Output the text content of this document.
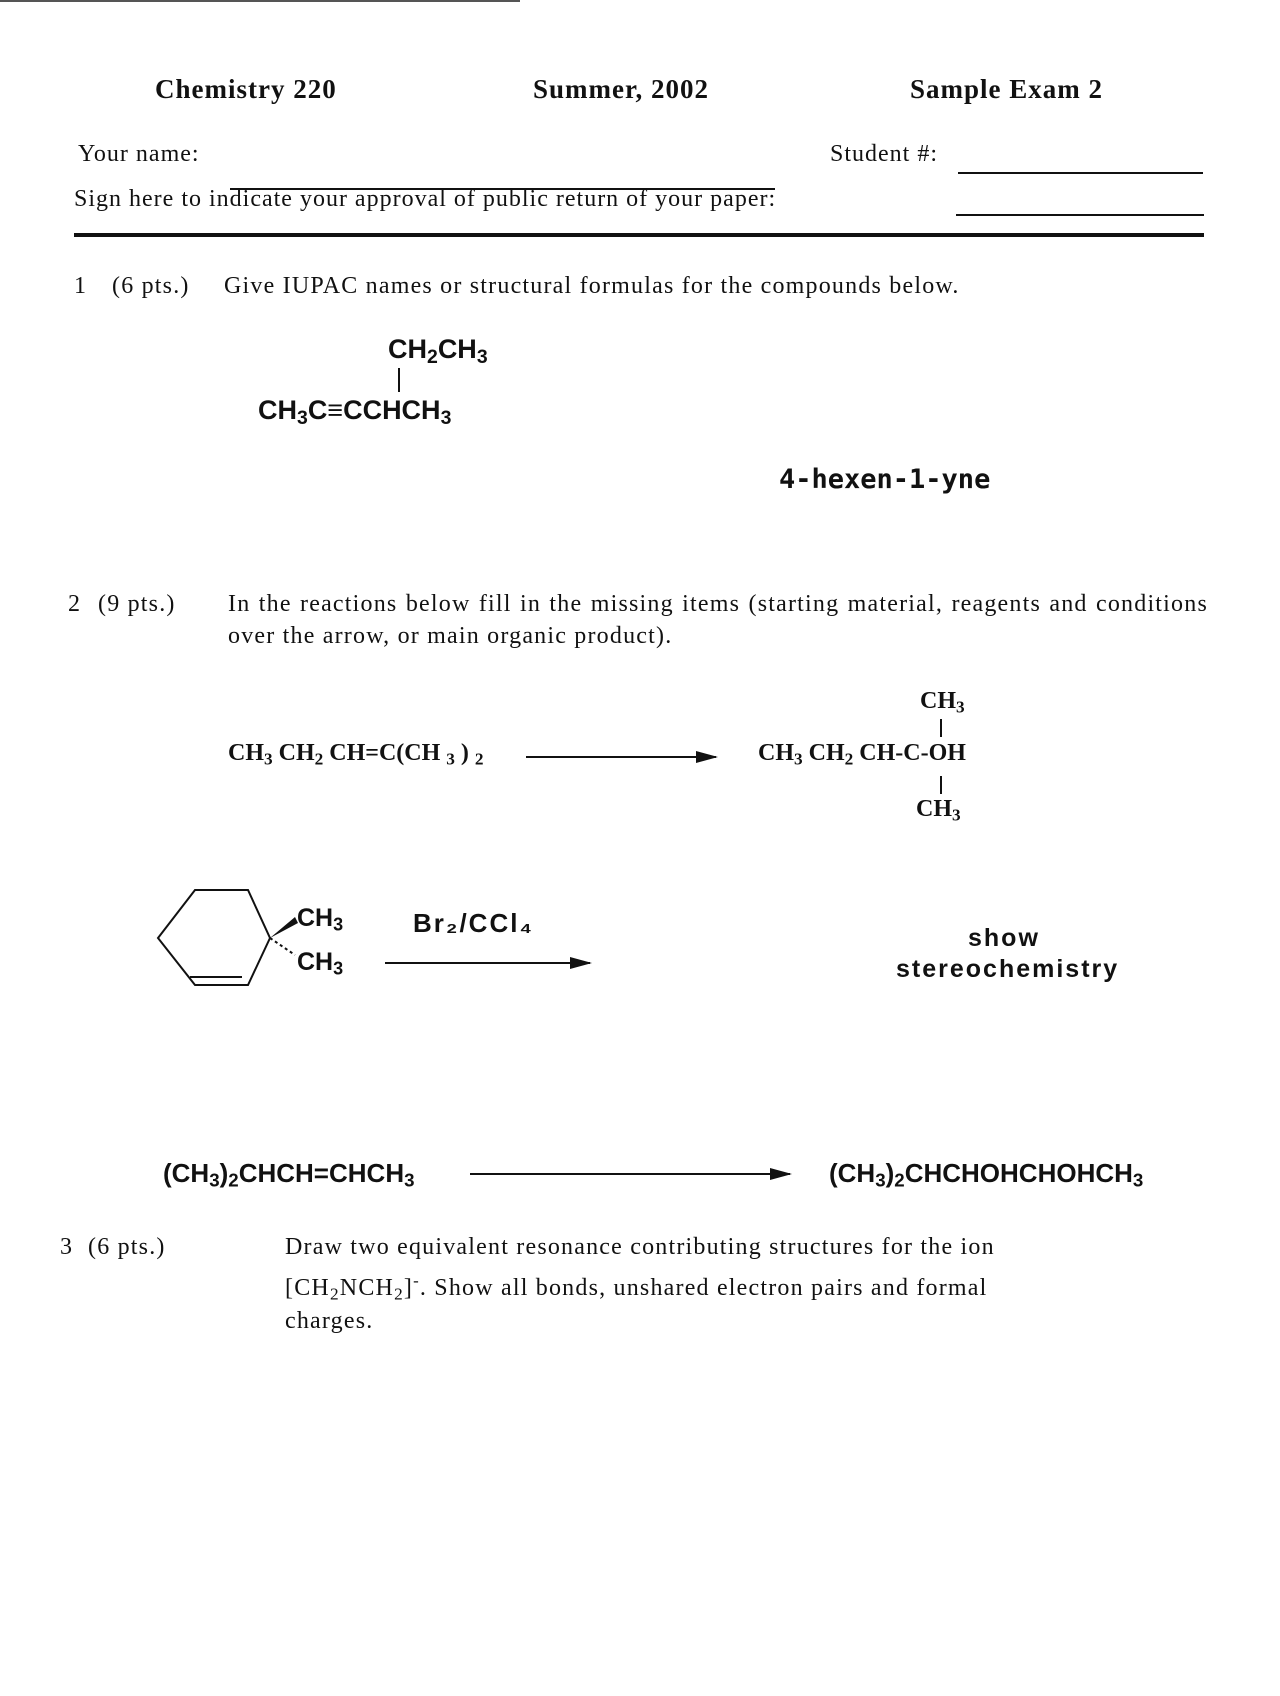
Chemistry 220	Summer, 2002	Sample Exam 2
Your name:	Student #:
Sign here to indicate your approval of public return of your paper:
1 (6 pts.) Give IUPAC names or structural formulas for the compounds below.
$CH_2CH_3$
$CH_3C\equiv CCHCH_3$
4-hexen-1-yne
2 (9 pts.) In the reactions below fill in the missing items (starting material, reagents and conditions over the arrow, or main organic product).
$CH_3$ $CH_2$ CH=C(CH $_3$ ) $_2$
$CH_3$
$CH_3$ $CH_2$ CH-C-OH
$CH_3$
$CH_3$
$CH_3$
Br₂/CCl₄	show
stereochemistry
$(CH_3)_2CHCH=CHCH_3$	$(CH_3)_2CHCHOHCHOHCH_3$
3 (6 pts.)	Draw two equivalent resonance contributing structures for the ion
$[CH_2NCH_2]^-$. Show all bonds, unshared electron pairs and formal
charges.
